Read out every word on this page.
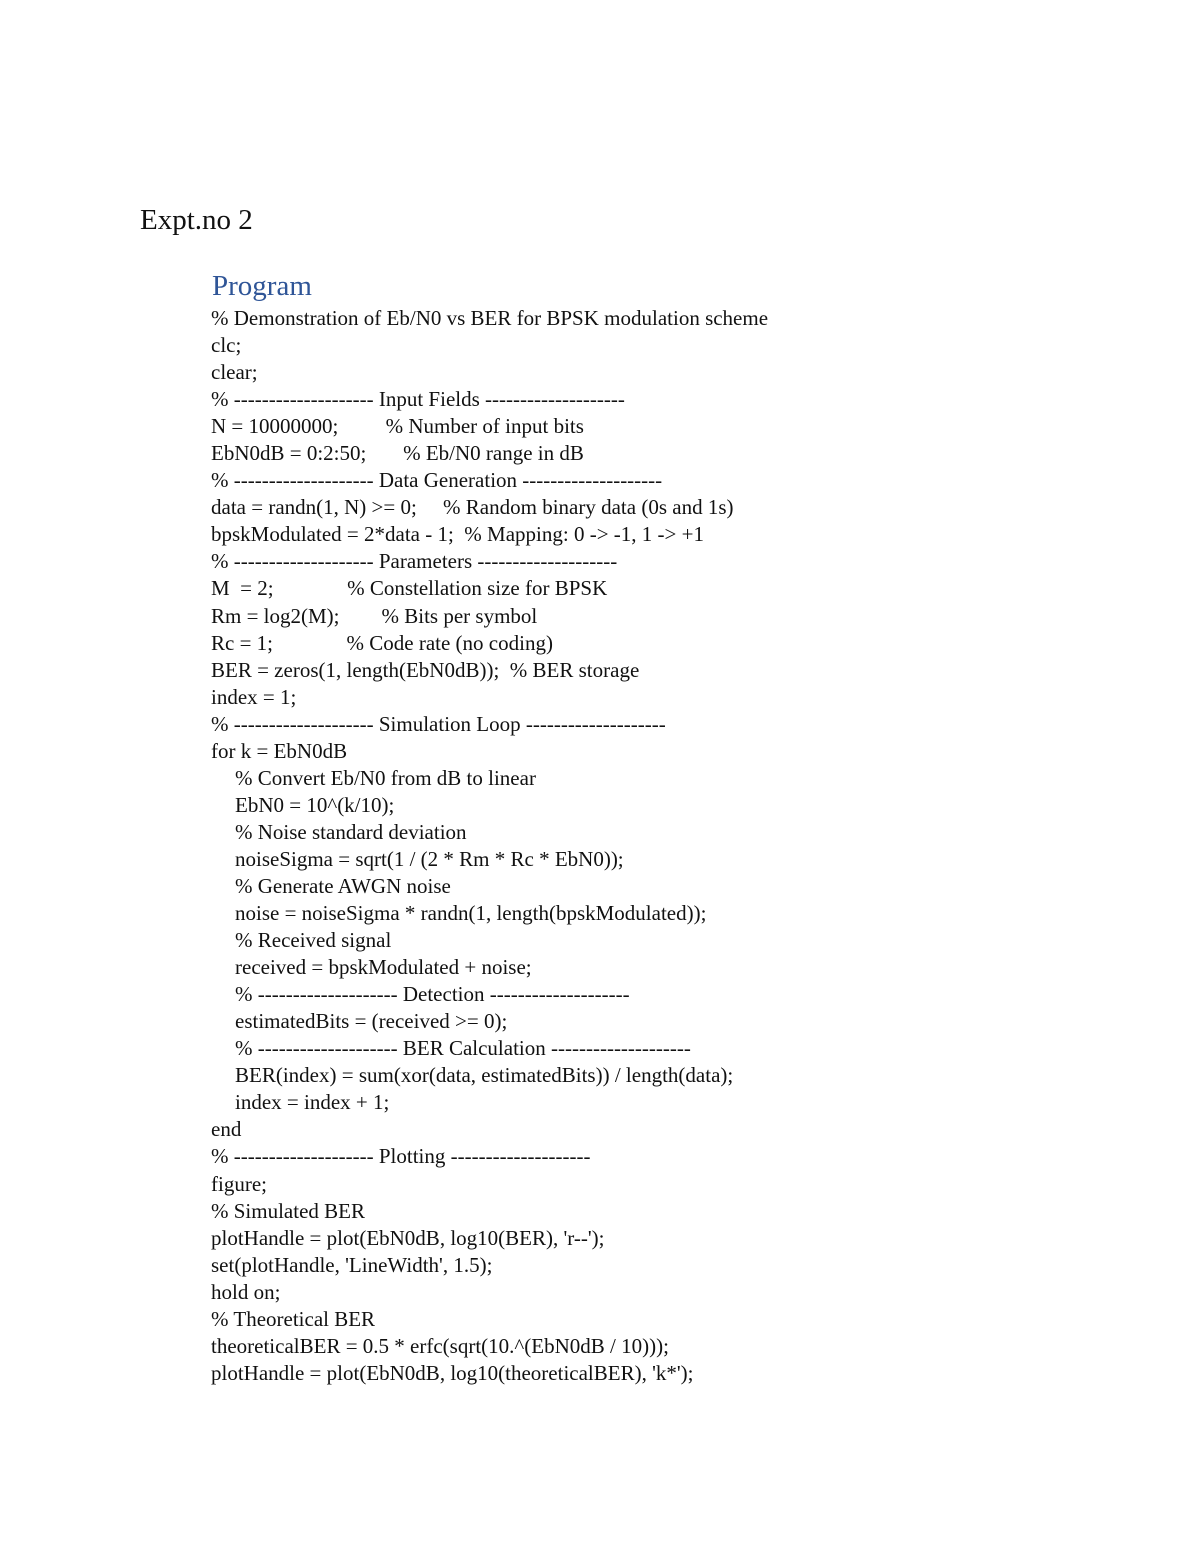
Expt.no 2
Program
% Demonstration of Eb/N0 vs BER for BPSK modulation scheme
clc;
clear;
% -------------------- Input Fields --------------------
N = 10000000;         % Number of input bits
EbN0dB = 0:2:50;       % Eb/N0 range in dB
% -------------------- Data Generation --------------------
data = randn(1, N) >= 0;     % Random binary data (0s and 1s)
bpskModulated = 2*data - 1;  % Mapping: 0 -> -1, 1 -> +1
% -------------------- Parameters --------------------
M  = 2;              % Constellation size for BPSK
Rm = log2(M);        % Bits per symbol
Rc = 1;              % Code rate (no coding)
BER = zeros(1, length(EbN0dB));  % BER storage
index = 1;
% -------------------- Simulation Loop --------------------
for k = EbN0dB
% Convert Eb/N0 from dB to linear
EbN0 = 10^(k/10);
% Noise standard deviation
noiseSigma = sqrt(1 / (2 * Rm * Rc * EbN0));
% Generate AWGN noise
noise = noiseSigma * randn(1, length(bpskModulated));
% Received signal
received = bpskModulated + noise;
% -------------------- Detection --------------------
estimatedBits = (received >= 0);
% -------------------- BER Calculation --------------------
BER(index) = sum(xor(data, estimatedBits)) / length(data);
index = index + 1;
end
% -------------------- Plotting --------------------
figure;
% Simulated BER
plotHandle = plot(EbN0dB, log10(BER), 'r--');
set(plotHandle, 'LineWidth', 1.5);
hold on;
% Theoretical BER
theoreticalBER = 0.5 * erfc(sqrt(10.^(EbN0dB / 10)));
plotHandle = plot(EbN0dB, log10(theoreticalBER), 'k*');
